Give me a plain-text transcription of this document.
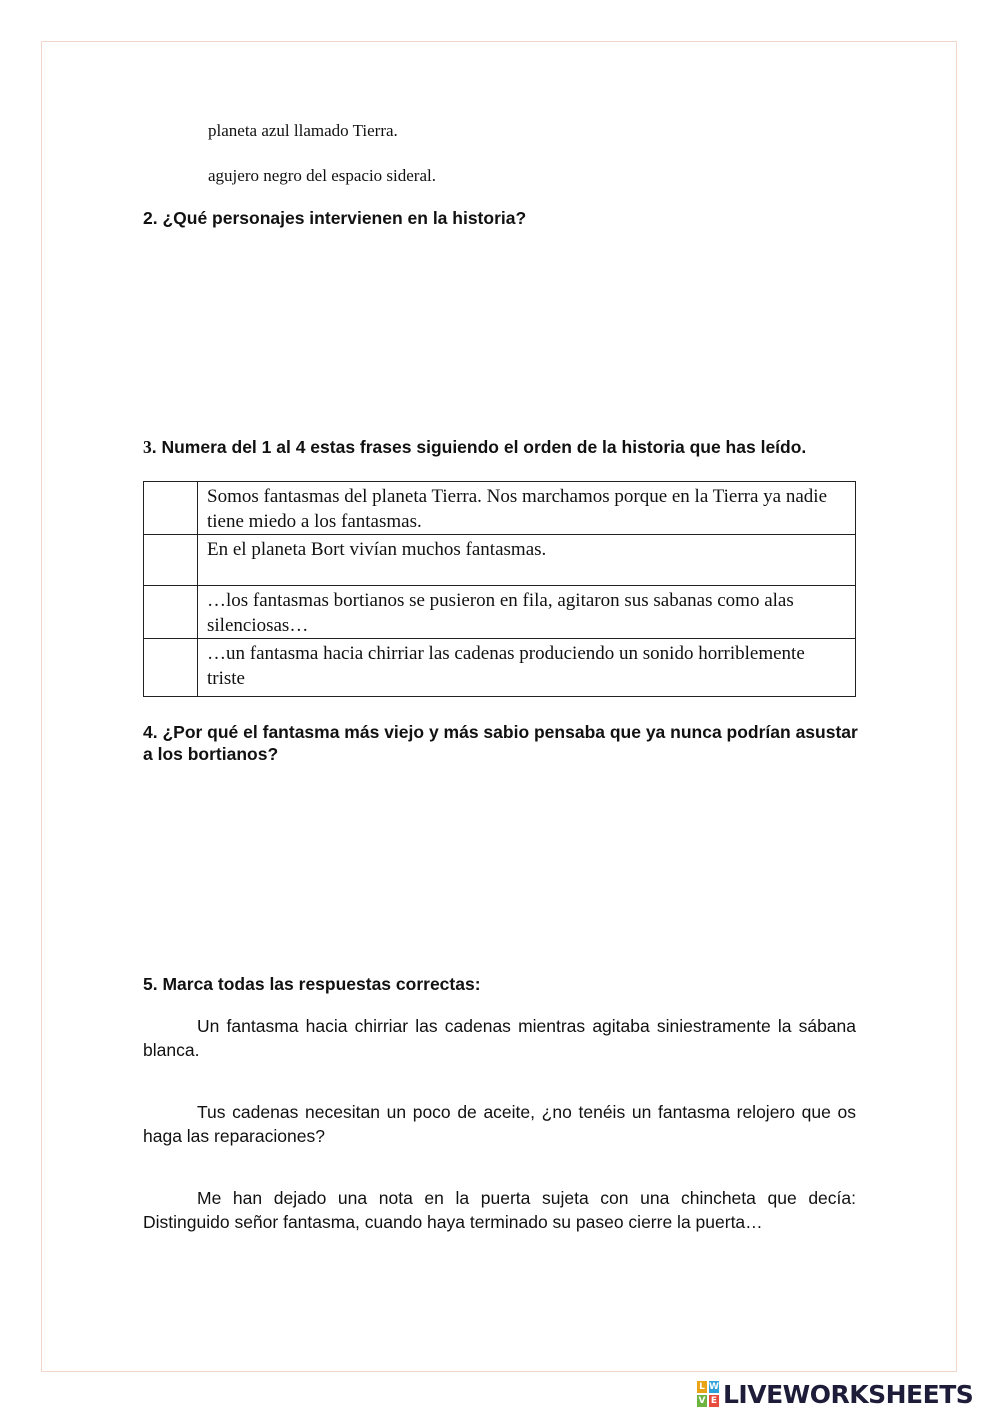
planeta azul llamado Tierra.
agujero negro del espacio sideral.
2. ¿Qué personajes intervienen en la historia?
3. Numera del 1 al 4 estas frases siguiendo el orden de la historia que has leído.
	Somos fantasmas del planeta Tierra. Nos marchamos porque en la Tierra ya nadie tiene miedo a los fantasmas.
	En el planeta Bort vivían muchos fantasmas.
	…los fantasmas bortianos se pusieron en fila, agitaron sus sabanas como alas silenciosas…
	…un fantasma hacia chirriar las cadenas produciendo un sonido horriblemente triste
4. ¿Por qué el fantasma más viejo y más sabio pensaba que ya nunca podrían asustar a los bortianos?
5. Marca todas las respuestas correctas:
Un fantasma hacia chirriar las cadenas mientras agitaba siniestramente la sábana blanca.
Tus cadenas necesitan un poco de aceite, ¿no tenéis un fantasma relojero que os haga las reparaciones?
Me han dejado una nota en la puerta sujeta con una chincheta que decía: Distinguido señor fantasma, cuando haya terminado su paseo cierre la puerta…
L W
V E LIVEWORKSHEETS
